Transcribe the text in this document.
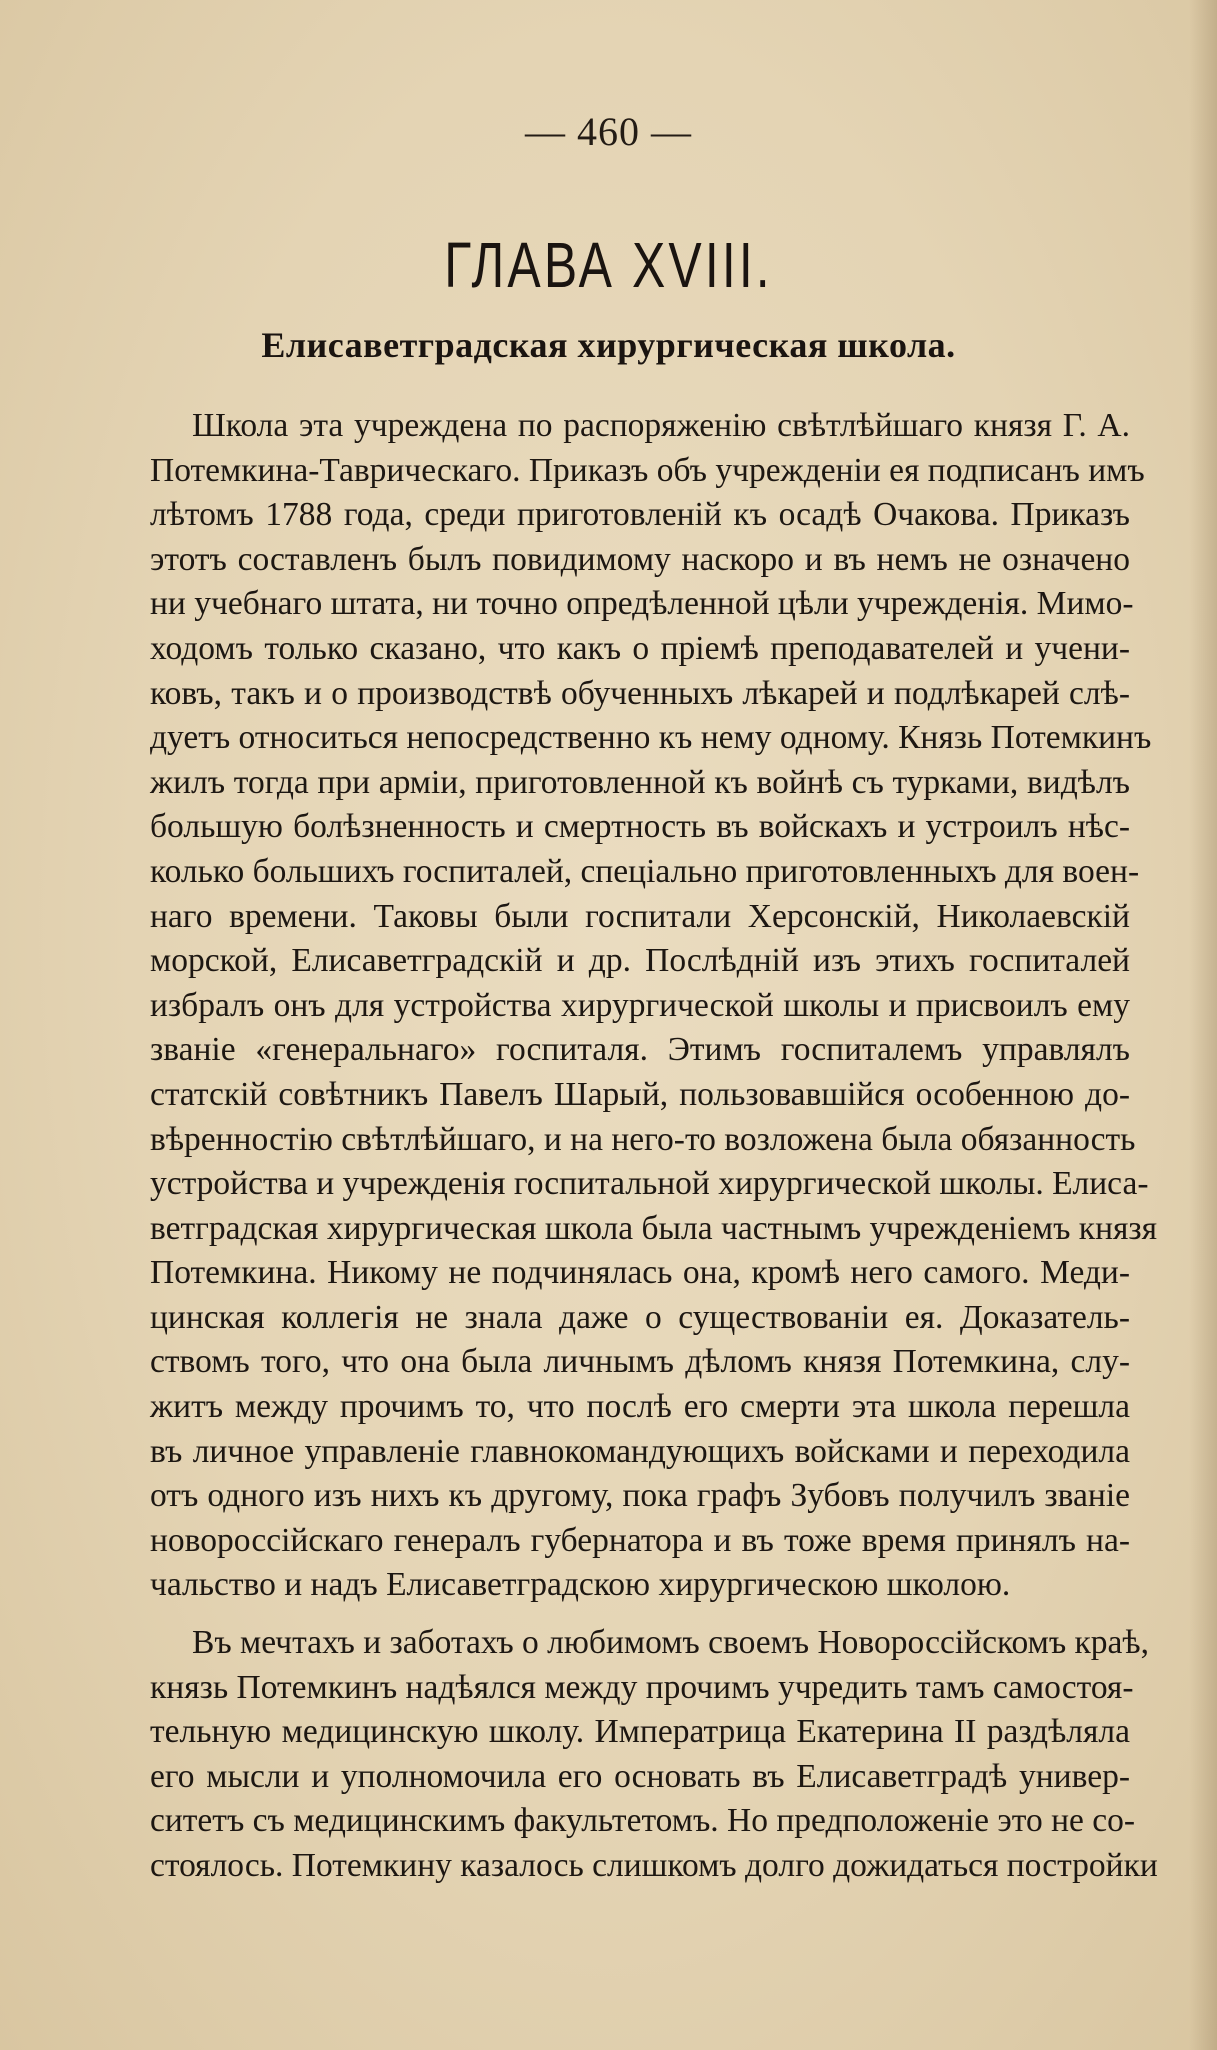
— 460 —
ГЛАВА XVIII.
Елисаветградская хирургическая школа.
Школа эта учреждена по распоряженiю свѣтлѣйшаго князя Г. А.
Потемкина-Таврическаго. Приказъ объ учрежденiи ея подписанъ имъ
лѣтомъ 1788 года, среди приготовленiй къ осадѣ Очакова. Приказъ
этотъ составленъ былъ повидимому наскоро и въ немъ не означено
ни учебнаго штата, ни точно опредѣленной цѣли учрежденiя. Мимо-
ходомъ только сказано, что какъ о прiемѣ преподавателей и учени-
ковъ, такъ и о производствѣ обученныхъ лѣкарей и подлѣкарей слѣ-
дуетъ относиться непосредственно къ нему одному. Князь Потемкинъ
жилъ тогда при армiи, приготовленной къ войнѣ съ турками, видѣлъ
большую болѣзненность и смертность въ войскахъ и устроилъ нѣс-
колько большихъ госпиталей, спецiально приготовленныхъ для воен-
наго времени. Таковы были госпитали Херсонскiй, Николаевскiй
морской, Елисаветградскiй и др. Послѣднiй изъ этихъ госпиталей
избралъ онъ для устройства хирургической школы и присвоилъ ему
званiе «генеральнаго» госпиталя. Этимъ госпиталемъ управлялъ
статскiй совѣтникъ Павелъ Шарый, пользовавшiйся особенною до-
вѣренностiю свѣтлѣйшаго, и на него-то возложена была обязанность
устройства и учрежденiя госпитальной хирургической школы. Елиса-
ветградская хирургическая школа была частнымъ учрежденiемъ князя
Потемкина. Никому не подчинялась она, кромѣ него самого. Меди-
цинская коллегiя не знала даже о существованiи ея. Доказатель-
ствомъ того, что она была личнымъ дѣломъ князя Потемкина, слу-
житъ между прочимъ то, что послѣ его смерти эта школа перешла
въ личное управленiе главнокомандующихъ войсками и переходила
отъ одного изъ нихъ къ другому, пока графъ Зубовъ получилъ званiе
новороссiйскаго генералъ губернатора и въ тоже время принялъ на-
чальство и надъ Елисаветградскою хирургическою школою.
Въ мечтахъ и заботахъ о любимомъ своемъ Новороссiйскомъ краѣ,
князь Потемкинъ надѣялся между прочимъ учредить тамъ самостоя-
тельную медицинскую школу. Императрица Екатерина II раздѣляла
его мысли и уполномочила его основать въ Елисаветградѣ универ-
ситетъ съ медицинскимъ факультетомъ. Но предположенiе это не со-
стоялось. Потемкину казалось слишкомъ долго дожидаться постройки
